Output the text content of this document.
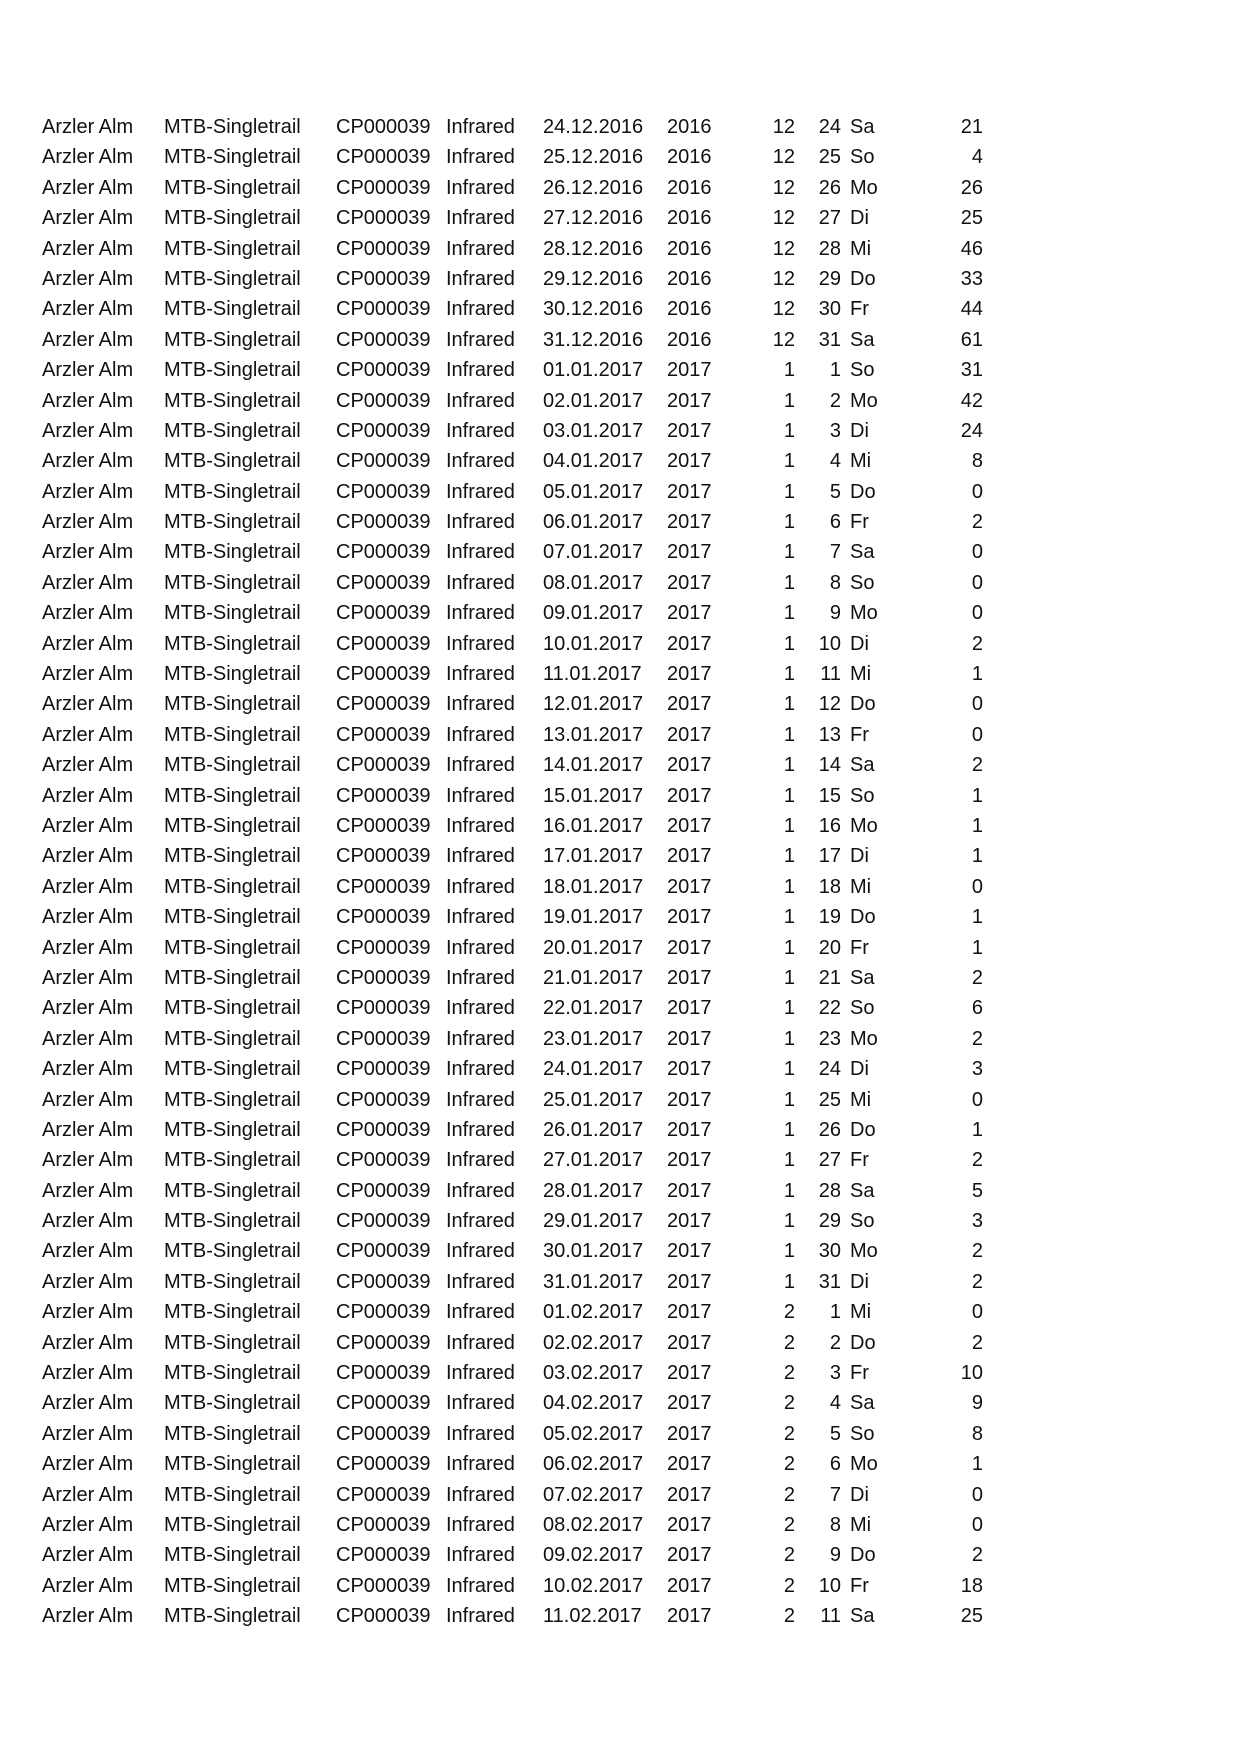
Arzler Alm MTB-Singletrail CP000039 Infrared 24.12.2016 2016	12 24 Sa	21
Arzler Alm MTB-Singletrail CP000039 Infrared 25.12.2016 2016	12 25 So	4
Arzler Alm MTB-Singletrail CP000039 Infrared 26.12.2016 2016	12 26 Mo	26
Arzler Alm MTB-Singletrail CP000039 Infrared 27.12.2016 2016	12 27 Di	25
Arzler Alm MTB-Singletrail CP000039 Infrared 28.12.2016 2016	12 28 Mi	46
Arzler Alm MTB-Singletrail CP000039 Infrared 29.12.2016 2016	12 29 Do	33
Arzler Alm MTB-Singletrail CP000039 Infrared 30.12.2016 2016	12 30 Fr	44
Arzler Alm MTB-Singletrail CP000039 Infrared 31.12.2016 2016	12 31 Sa	61
Arzler Alm MTB-Singletrail CP000039 Infrared 01.01.2017 2017	1 1 So	31
Arzler Alm MTB-Singletrail CP000039 Infrared 02.01.2017 2017	1 2 Mo	42
Arzler Alm MTB-Singletrail CP000039 Infrared 03.01.2017 2017	1 3 Di	24
Arzler Alm MTB-Singletrail CP000039 Infrared 04.01.2017 2017	1 4 Mi	8
Arzler Alm MTB-Singletrail CP000039 Infrared 05.01.2017 2017	1 5 Do	0
Arzler Alm MTB-Singletrail CP000039 Infrared 06.01.2017 2017	1 6 Fr	2
Arzler Alm MTB-Singletrail CP000039 Infrared 07.01.2017 2017	1 7 Sa	0
Arzler Alm MTB-Singletrail CP000039 Infrared 08.01.2017 2017	1 8 So	0
Arzler Alm MTB-Singletrail CP000039 Infrared 09.01.2017 2017	1 9 Mo	0
Arzler Alm MTB-Singletrail CP000039 Infrared 10.01.2017 2017	1 10 Di	2
Arzler Alm MTB-Singletrail CP000039 Infrared 11.01.2017 2017	1 11 Mi	1
Arzler Alm MTB-Singletrail CP000039 Infrared 12.01.2017 2017	1 12 Do	0
Arzler Alm MTB-Singletrail CP000039 Infrared 13.01.2017 2017	1 13 Fr	0
Arzler Alm MTB-Singletrail CP000039 Infrared 14.01.2017 2017	1 14 Sa	2
Arzler Alm MTB-Singletrail CP000039 Infrared 15.01.2017 2017	1 15 So	1
Arzler Alm MTB-Singletrail CP000039 Infrared 16.01.2017 2017	1 16 Mo	1
Arzler Alm MTB-Singletrail CP000039 Infrared 17.01.2017 2017	1 17 Di	1
Arzler Alm MTB-Singletrail CP000039 Infrared 18.01.2017 2017	1 18 Mi	0
Arzler Alm MTB-Singletrail CP000039 Infrared 19.01.2017 2017	1 19 Do	1
Arzler Alm MTB-Singletrail CP000039 Infrared 20.01.2017 2017	1 20 Fr	1
Arzler Alm MTB-Singletrail CP000039 Infrared 21.01.2017 2017	1 21 Sa	2
Arzler Alm MTB-Singletrail CP000039 Infrared 22.01.2017 2017	1 22 So	6
Arzler Alm MTB-Singletrail CP000039 Infrared 23.01.2017 2017	1 23 Mo	2
Arzler Alm MTB-Singletrail CP000039 Infrared 24.01.2017 2017	1 24 Di	3
Arzler Alm MTB-Singletrail CP000039 Infrared 25.01.2017 2017	1 25 Mi	0
Arzler Alm MTB-Singletrail CP000039 Infrared 26.01.2017 2017	1 26 Do	1
Arzler Alm MTB-Singletrail CP000039 Infrared 27.01.2017 2017	1 27 Fr	2
Arzler Alm MTB-Singletrail CP000039 Infrared 28.01.2017 2017	1 28 Sa	5
Arzler Alm MTB-Singletrail CP000039 Infrared 29.01.2017 2017	1 29 So	3
Arzler Alm MTB-Singletrail CP000039 Infrared 30.01.2017 2017	1 30 Mo	2
Arzler Alm MTB-Singletrail CP000039 Infrared 31.01.2017 2017	1 31 Di	2
Arzler Alm MTB-Singletrail CP000039 Infrared 01.02.2017 2017	2 1 Mi	0
Arzler Alm MTB-Singletrail CP000039 Infrared 02.02.2017 2017	2 2 Do	2
Arzler Alm MTB-Singletrail CP000039 Infrared 03.02.2017 2017	2 3 Fr	10
Arzler Alm MTB-Singletrail CP000039 Infrared 04.02.2017 2017	2 4 Sa	9
Arzler Alm MTB-Singletrail CP000039 Infrared 05.02.2017 2017	2 5 So	8
Arzler Alm MTB-Singletrail CP000039 Infrared 06.02.2017 2017	2 6 Mo	1
Arzler Alm MTB-Singletrail CP000039 Infrared 07.02.2017 2017	2 7 Di	0
Arzler Alm MTB-Singletrail CP000039 Infrared 08.02.2017 2017	2 8 Mi	0
Arzler Alm MTB-Singletrail CP000039 Infrared 09.02.2017 2017	2 9 Do	2
Arzler Alm MTB-Singletrail CP000039 Infrared 10.02.2017 2017	2 10 Fr	18
Arzler Alm MTB-Singletrail CP000039 Infrared 11.02.2017 2017	2 11 Sa	25
